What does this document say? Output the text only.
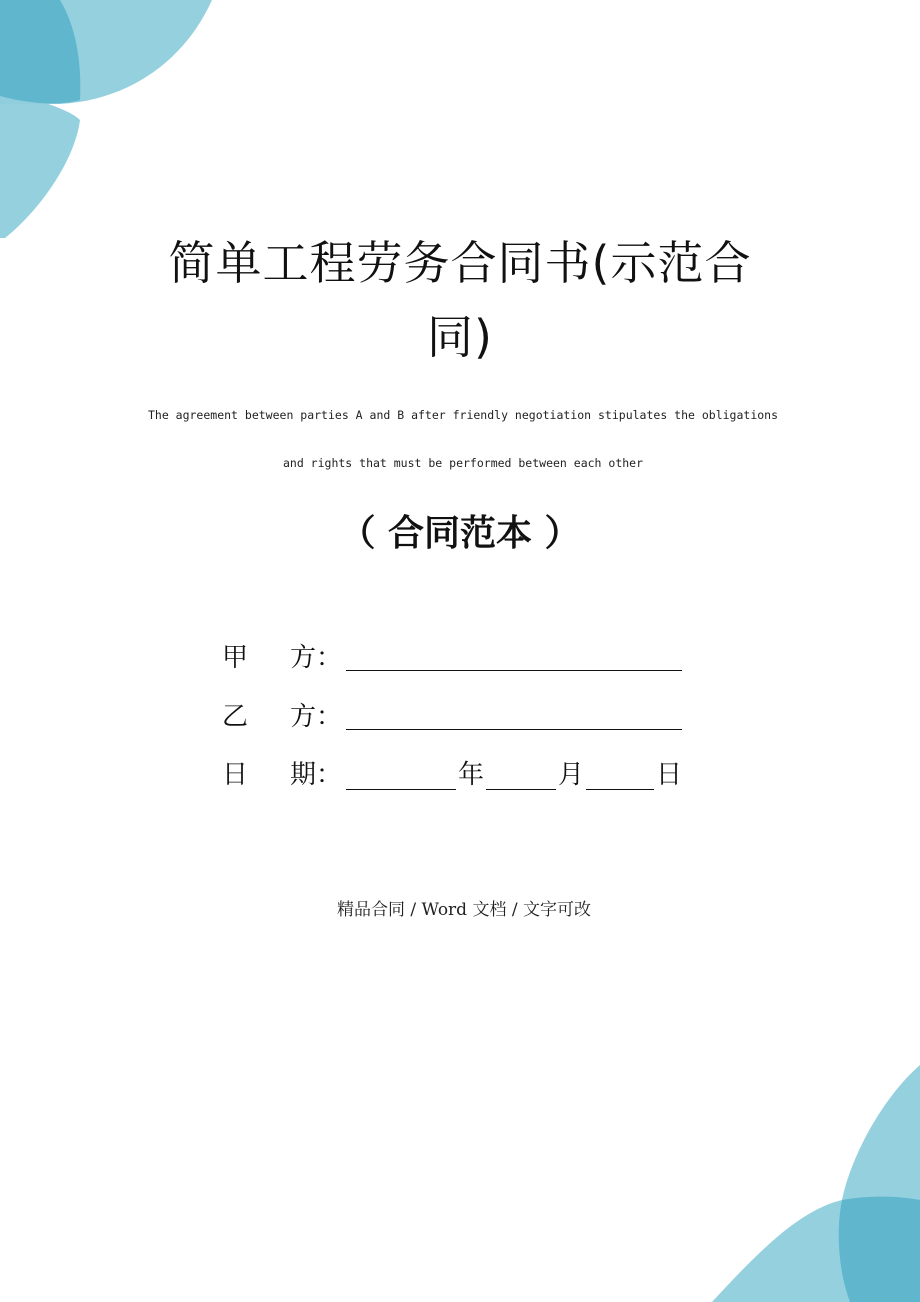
简单工程劳务合同书(示范合
同)
The agreement between parties A and B after friendly negotiation stipulates the obligations
and rights that must be performed between each other
（ 合同范本 ）
甲 方：
乙 方：
日 期：	年	月	日
精品合同 / Word 文档 / 文字可改
